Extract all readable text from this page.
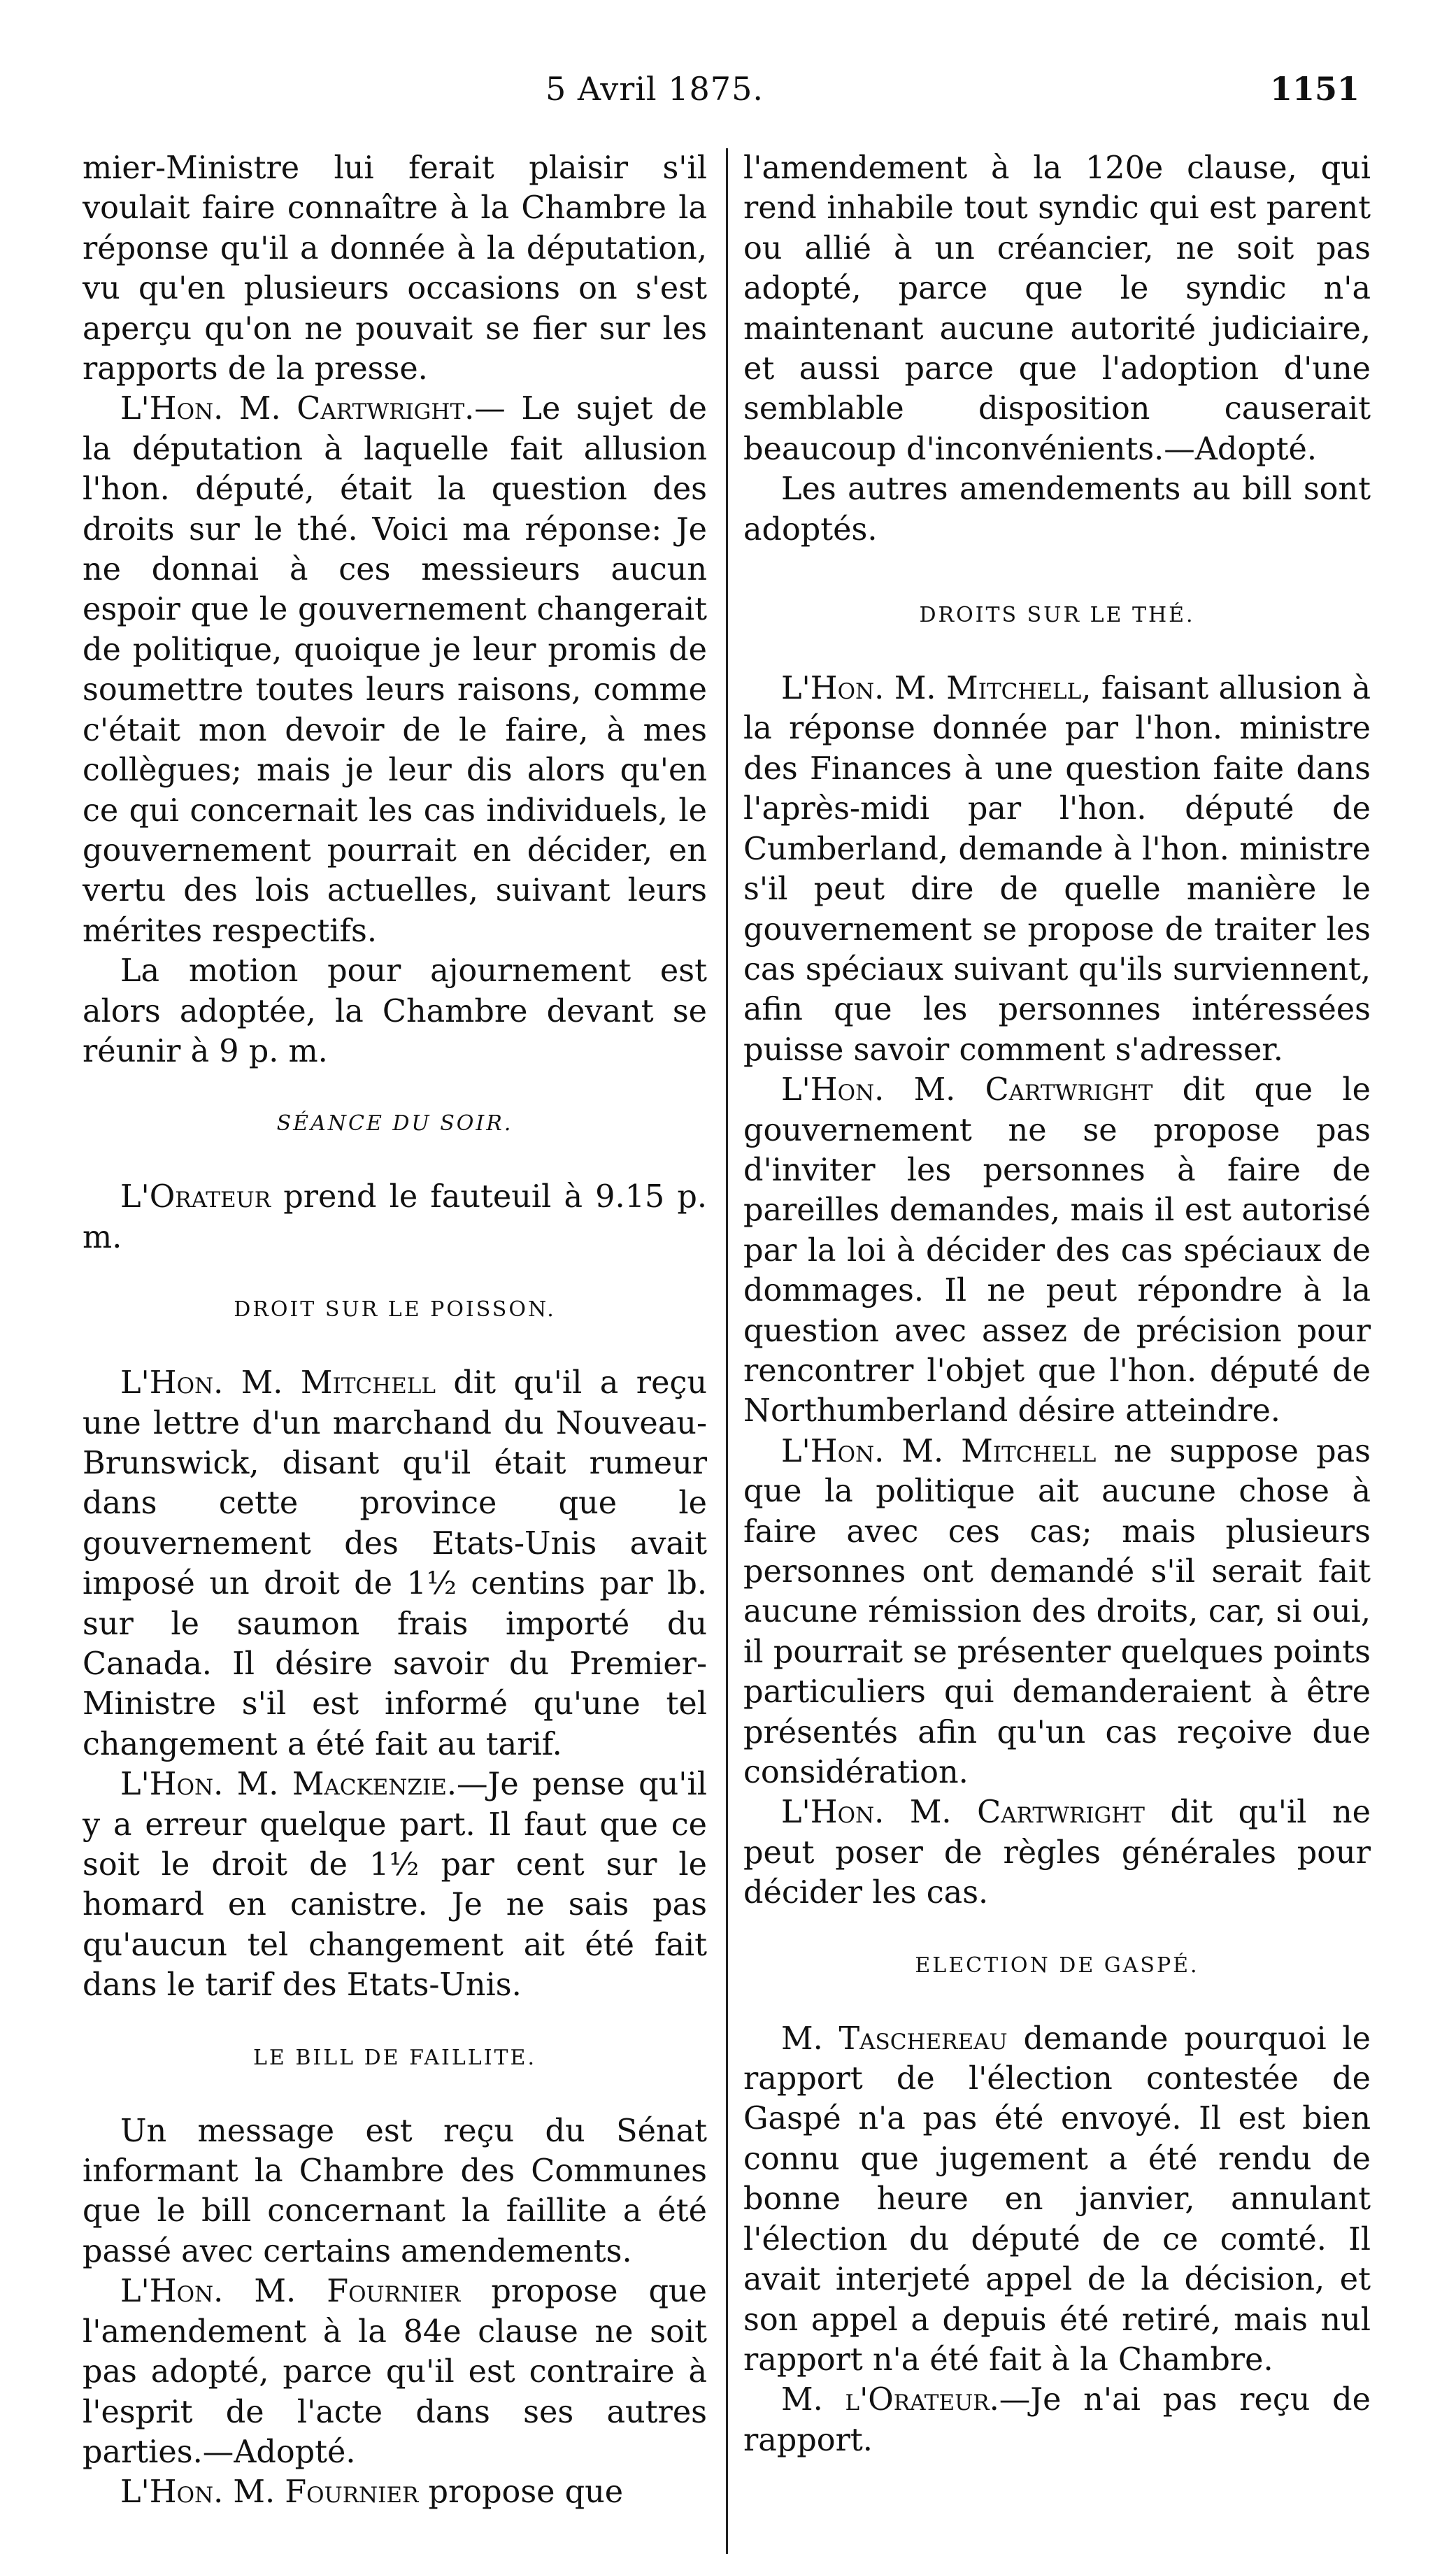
5 Avril 1875.	1151

mier-Ministre lui ferait plaisir s'il voulait faire connaître à la Chambre la réponse qu'il a donnée à la députation, vu qu'en plusieurs occasions on s'est aperçu qu'on ne pouvait se fier sur les rapports de la presse.

L'Hon. M. Cartwright.— Le sujet de la députation à laquelle fait allusion l'hon. député, était la question des droits sur le thé. Voici ma réponse: Je ne donnai à ces messieurs aucun espoir que le gouvernement changerait de politique, quoique je leur promis de soumettre toutes leurs raisons, comme c'était mon devoir de le faire, à mes collègues; mais je leur dis alors qu'en ce qui concernait les cas individuels, le gouvernement pourrait en décider, en vertu des lois actuelles, suivant leurs mérites respectifs.

La motion pour ajournement est alors adoptée, la Chambre devant se réunir à 9 p. m.

SÉANCE DU SOIR.

L'Orateur prend le fauteuil à 9.15 p. m.

DROIT SUR LE POISSON.

L'Hon. M. Mitchell dit qu'il a reçu une lettre d'un marchand du Nouveau-Brunswick, disant qu'il était rumeur dans cette province que le gouvernement des Etats-Unis avait imposé un droit de 1½ centins par lb. sur le saumon frais importé du Canada. Il désire savoir du Premier-Ministre s'il est informé qu'une tel changement a été fait au tarif.

L'Hon. M. Mackenzie.—Je pense qu'il y a erreur quelque part. Il faut que ce soit le droit de 1½ par cent sur le homard en canistre. Je ne sais pas qu'aucun tel changement ait été fait dans le tarif des Etats-Unis.

LE BILL DE FAILLITE.

Un message est reçu du Sénat informant la Chambre des Communes que le bill concernant la faillite a été passé avec certains amendements.

L'Hon. M. Fournier propose que l'amendement à la 84e clause ne soit pas adopté, parce qu'il est contraire à l'esprit de l'acte dans ses autres parties.—Adopté.

L'Hon. M. Fournier propose que

l'amendement à la 120e clause, qui rend inhabile tout syndic qui est parent ou allié à un créancier, ne soit pas adopté, parce que le syndic n'a maintenant aucune autorité judiciaire, et aussi parce que l'adoption d'une semblable disposition causerait beaucoup d'inconvénients.—Adopté.

Les autres amendements au bill sont adoptés.

DROITS SUR LE THÉ.

L'Hon. M. Mitchell, faisant allusion à la réponse donnée par l'hon. ministre des Finances à une question faite dans l'après-midi par l'hon. député de Cumberland, demande à l'hon. ministre s'il peut dire de quelle manière le gouvernement se propose de traiter les cas spéciaux suivant qu'ils surviennent, afin que les personnes intéressées puisse savoir comment s'adresser.

L'Hon. M. Cartwright dit que le gouvernement ne se propose pas d'inviter les personnes à faire de pareilles demandes, mais il est autorisé par la loi à décider des cas spéciaux de dommages. Il ne peut répondre à la question avec assez de précision pour rencontrer l'objet que l'hon. député de Northumberland désire atteindre.

L'Hon. M. Mitchell ne suppose pas que la politique ait aucune chose à faire avec ces cas; mais plusieurs personnes ont demandé s'il serait fait aucune rémission des droits, car, si oui, il pourrait se présenter quelques points particuliers qui demanderaient à être présentés afin qu'un cas reçoive due considération.

L'Hon. M. Cartwright dit qu'il ne peut poser de règles générales pour décider les cas.

ELECTION DE GASPÉ.

M. Taschereau demande pourquoi le rapport de l'élection contestée de Gaspé n'a pas été envoyé. Il est bien connu que jugement a été rendu de bonne heure en janvier, annulant l'élection du député de ce comté. Il avait interjeté appel de la décision, et son appel a depuis été retiré, mais nul rapport n'a été fait à la Chambre.

M. l'Orateur.—Je n'ai pas reçu de rapport.
